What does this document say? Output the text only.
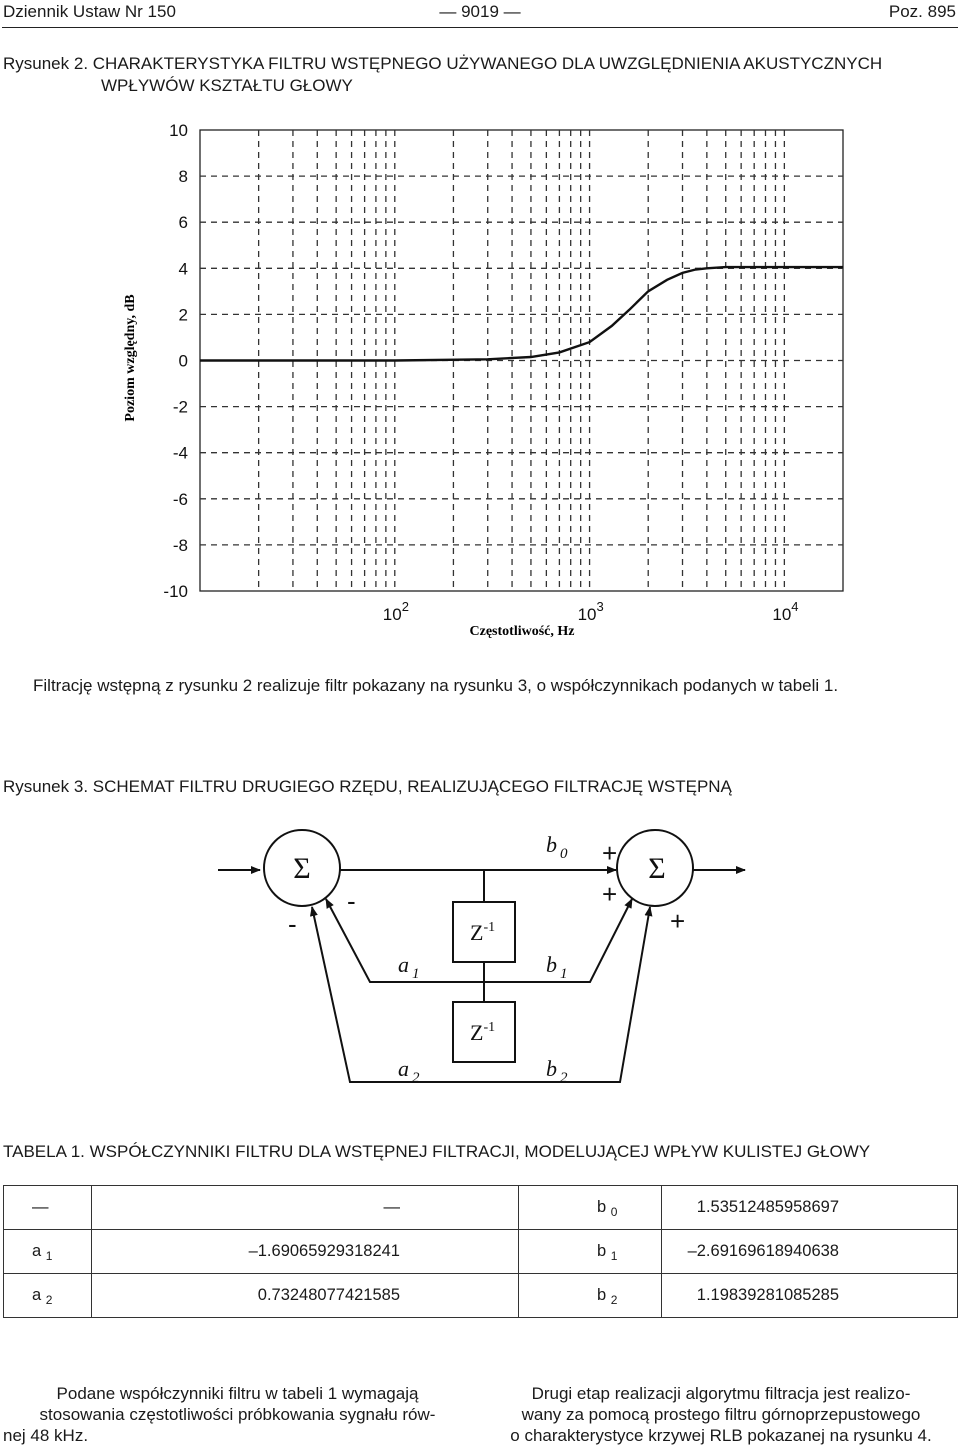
Dziennik Ustaw Nr 150	— 9019 —	Poz. 895
Rysunek 2. CHARAKTERYSTYKA FILTRU WSTĘPNEGO UŻYWANEGO DLA UWZGLĘDNIENIA AKUSTYCZNYCH
WPŁYWÓW KSZTAŁTU GŁOWY
Poziom względny, dB
10
8
6
4
2
0
-2
-4
-6
-8
-10
$10^2$	$10^3$	$10^4$
Częstotliwość, Hz
Filtrację wstępną z rysunku 2 realizuje filtr pokazany na rysunku 3, o współczynnikach podanych w tabeli 1.
Rysunek 3. SCHEMAT FILTRU DRUGIEGO RZĘDU, REALIZUJĄCEGO FILTRACJĘ WSTĘPNĄ
Σ	Σ
$Z^{-1}$
$Z^{-1}$
b $_0$
a $_1$	b $_1$
a $_2$	b $_2$
-
-
+
+
+
TABELA 1. WSPÓŁCZYNNIKI FILTRU DLA WSTĘPNEJ FILTRACJI, MODELUJĄCEJ WPŁYW KULISTEJ GŁOWY
—	—	b $_0$	1.53512485958697
a $_1$	–1.69065929318241	b $_1$	–2.69169618940638
a $_2$	0.73248077421585	b $_2$	1.19839281085285
Podane współczynniki filtru w tabeli 1 wymagają
stosowania częstotliwości próbkowania sygnału rów-
nej 48 kHz.
Drugi etap realizacji algorytmu filtracja jest realizo-
wany za pomocą prostego filtru górnoprzepustowego
o charakterystyce krzywej RLB pokazanej na rysunku 4.
